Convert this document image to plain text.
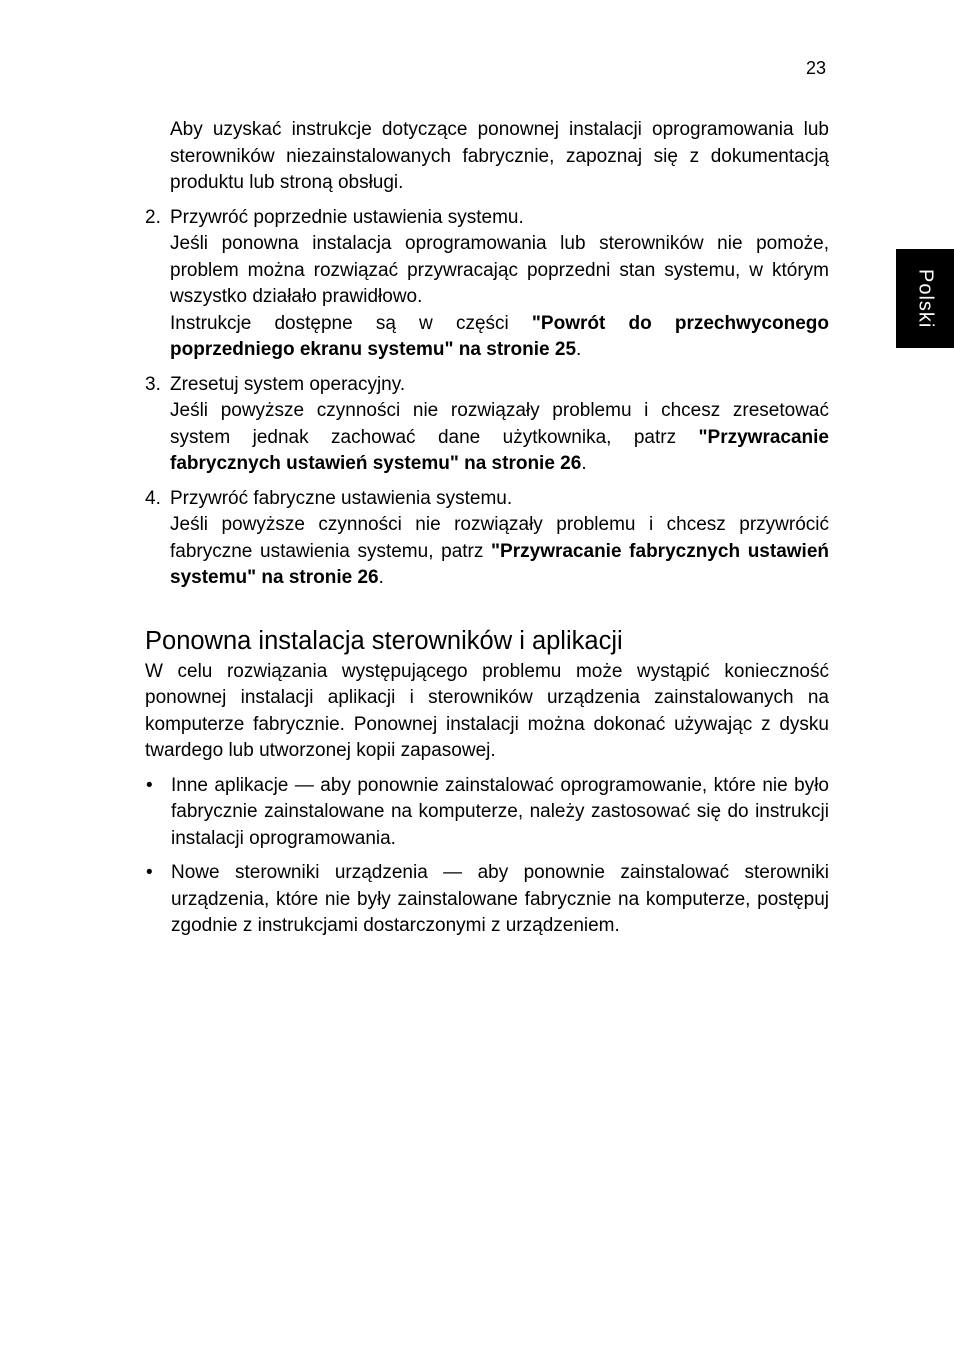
23
Polski

Aby uzyskać instrukcje dotyczące ponownej instalacji oprogramowania lub sterowników niezainstalowanych fabrycznie, zapoznaj się z dokumentacją produktu lub stroną obsługi.

2. Przywróć poprzednie ustawienia systemu.

Jeśli ponowna instalacja oprogramowania lub sterowników nie pomoże, problem można rozwiązać przywracając poprzedni stan systemu, w którym wszystko działało prawidłowo.

Instrukcje dostępne są w części "Powrót do przechwyconego poprzedniego ekranu systemu" na stronie 25.

3. Zresetuj system operacyjny.

Jeśli powyższe czynności nie rozwiązały problemu i chcesz zresetować system jednak zachować dane użytkownika, patrz "Przywracanie fabrycznych ustawień systemu" na stronie 26.

4. Przywróć fabryczne ustawienia systemu.

Jeśli powyższe czynności nie rozwiązały problemu i chcesz przywrócić fabryczne ustawienia systemu, patrz "Przywracanie fabrycznych ustawień systemu" na stronie 26.

Ponowna instalacja sterowników i aplikacji

W celu rozwiązania występującego problemu może wystąpić konieczność ponownej instalacji aplikacji i sterowników urządzenia zainstalowanych na komputerze fabrycznie. Ponownej instalacji można dokonać używając z dysku twardego lub utworzonej kopii zapasowej.

• Inne aplikacje — aby ponownie zainstalować oprogramowanie, które nie było fabrycznie zainstalowane na komputerze, należy zastosować się do instrukcji instalacji oprogramowania.

• Nowe sterowniki urządzenia — aby ponownie zainstalować sterowniki urządzenia, które nie były zainstalowane fabrycznie na komputerze, postępuj zgodnie z instrukcjami dostarczonymi z urządzeniem.
